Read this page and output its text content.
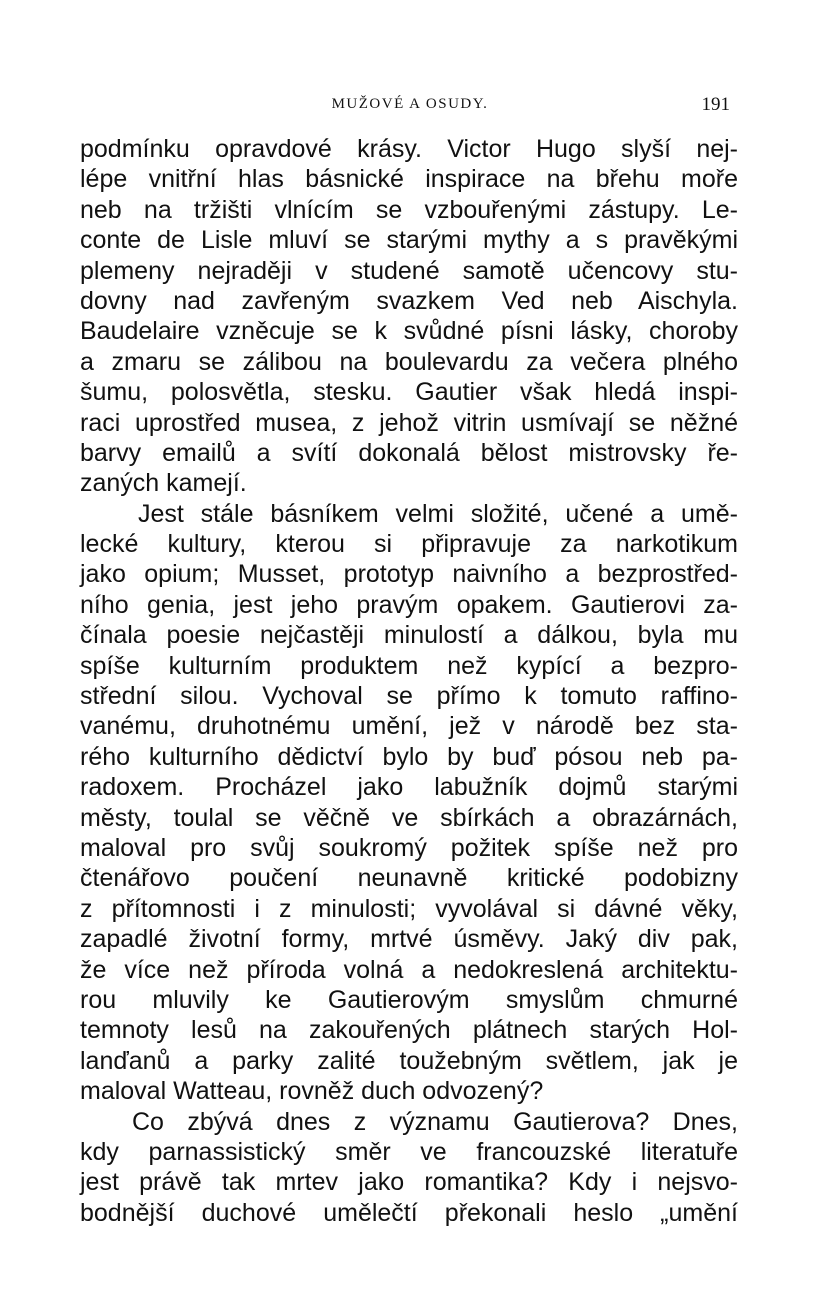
MUŽOVÉ A OSUDY.	191
podmínku opravdové krásy. Victor Hugo slyší nej-
lépe vnitřní hlas básnické inspirace na břehu moře
neb na tržišti vlnícím se vzbouřenými zástupy. Le-
conte de Lisle mluví se starými mythy a s pravěkými
plemeny nejraději v studené samotě učencovy stu-
dovny nad zavřeným svazkem Ved neb Aischyla.
Baudelaire vzněcuje se k svůdné písni lásky, choroby
a zmaru se zálibou na boulevardu za večera plného
šumu, polosvětla, stesku. Gautier však hledá inspi-
raci uprostřed musea, z jehož vitrin usmívají se něžné
barvy emailů a svítí dokonalá bělost mistrovsky ře-
zaných kamejí.
Jest stále básníkem velmi složité, učené a umě-
lecké kultury, kterou si připravuje za narkotikum
jako opium; Musset, prototyp naivního a bezprostřed-
ního genia, jest jeho pravým opakem. Gautierovi za-
čínala poesie nejčastěji minulostí a dálkou, byla mu
spíše kulturním produktem než kypící a bezpro-
střední silou. Vychoval se přímo k tomuto raffino-
vanému, druhotnému umění, jež v národě bez sta-
rého kulturního dědictví bylo by buď pósou neb pa-
radoxem. Procházel jako labužník dojmů starými
městy, toulal se věčně ve sbírkách a obrazárnách,
maloval pro svůj soukromý požitek spíše než pro
čtenářovo poučení neunavně kritické podobizny
z přítomnosti i z minulosti; vyvolával si dávné věky,
zapadlé životní formy, mrtvé úsměvy. Jaký div pak,
že více než příroda volná a nedokreslená architektu-
rou mluvily ke Gautierovým smyslům chmurné
temnoty lesů na zakouřených plátnech starých Hol-
lanďanů a parky zalité toužebným světlem, jak je
maloval Watteau, rovněž duch odvozený?
Co zbývá dnes z významu Gautierova? Dnes,
kdy parnassistický směr ve francouzské literatuře
jest právě tak mrtev jako romantika? Kdy i nejsvo-
bodnější duchové umělečtí překonali heslo „umění
